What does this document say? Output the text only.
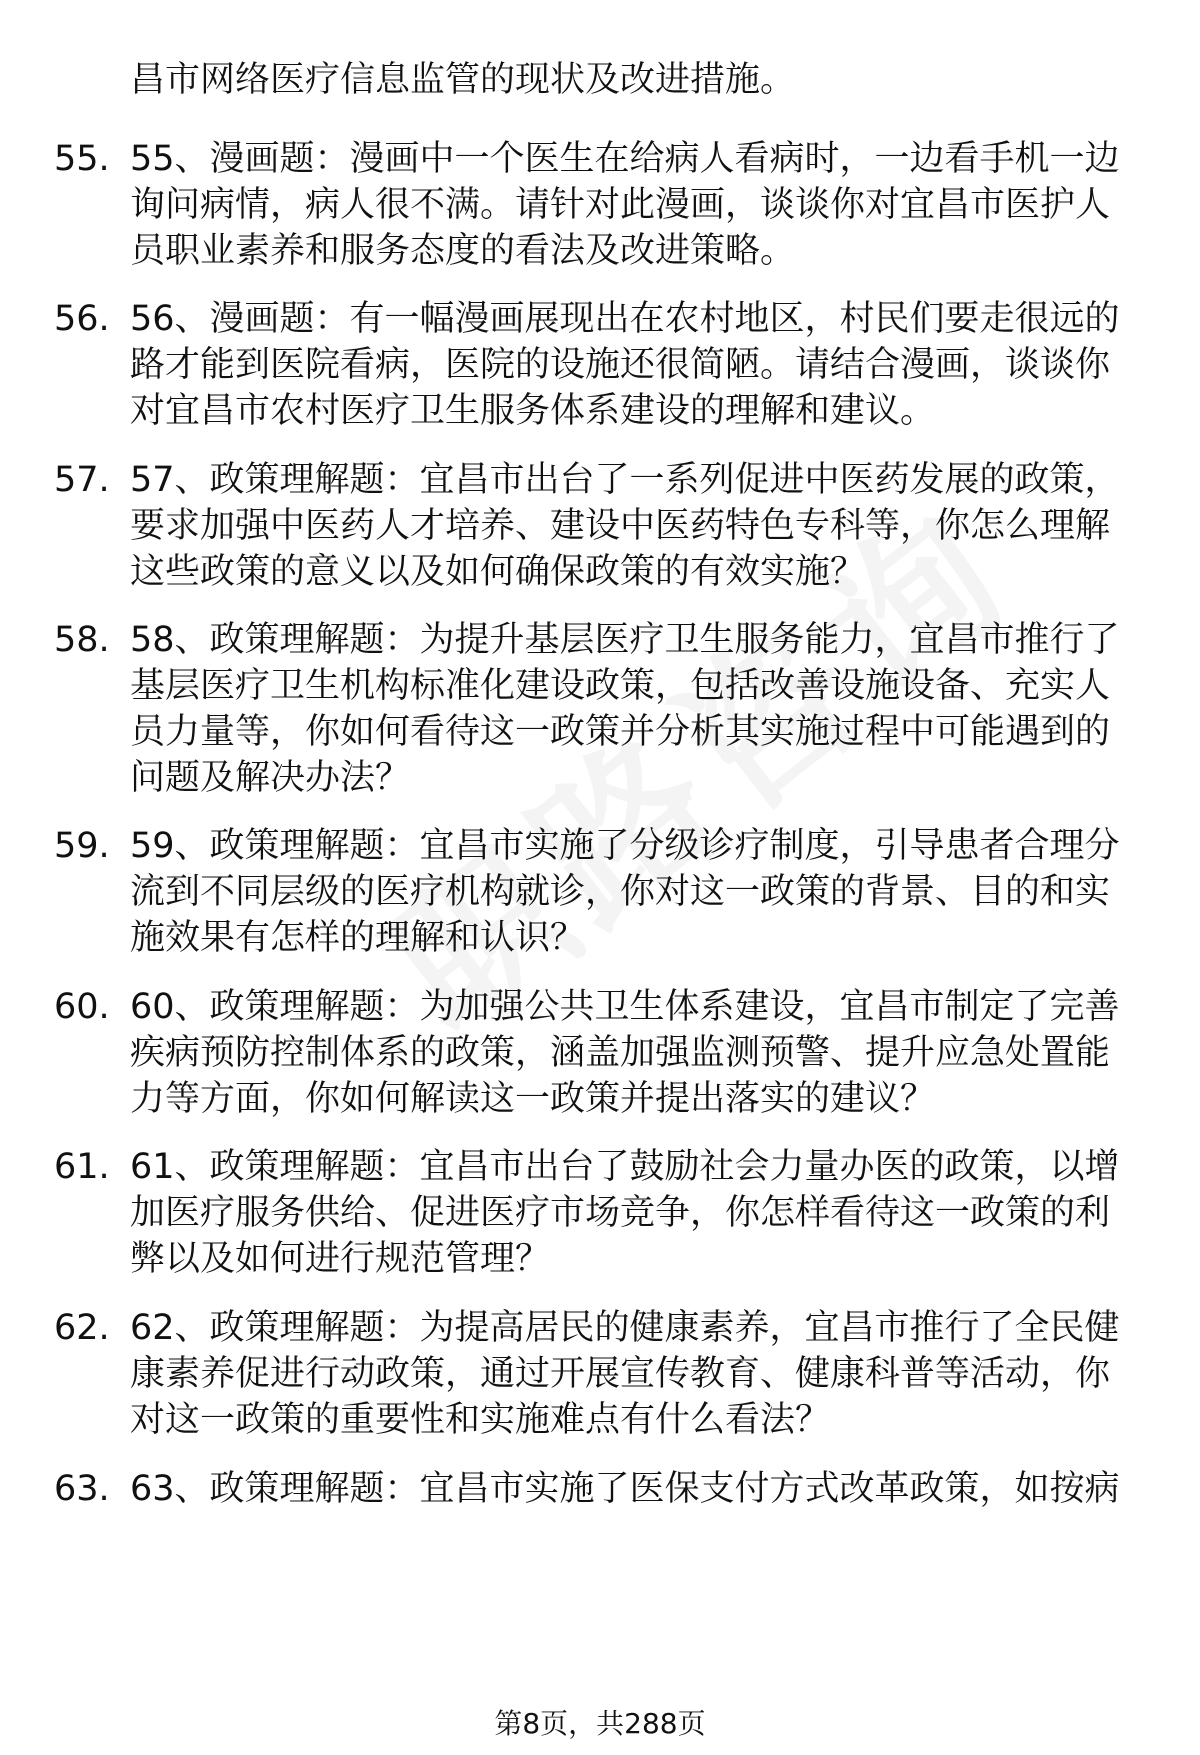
昌市网络医疗信息监管的现状及改进措施。
55. 55、漫画题：漫画中一个医生在给病人看病时，一边看手机一边
询问病情，病人很不满。请针对此漫画，谈谈你对宜昌市医护人
员职业素养和服务态度的看法及改进策略。
56. 56、漫画题：有一幅漫画展现出在农村地区，村民们要走很远的
路才能到医院看病，医院的设施还很简陋。请结合漫画，谈谈你
对宜昌市农村医疗卫生服务体系建设的理解和建议。
57. 57、政策理解题：宜昌市出台了一系列促进中医药发展的政策，
要求加强中医药人才培养、建设中医药特色专科等，你怎么理解
这些政策的意义以及如何确保政策的有效实施？
58. 58、政策理解题：为提升基层医疗卫生服务能力，宜昌市推行了
基层医疗卫生机构标准化建设政策，包括改善设施设备、充实人
员力量等，你如何看待这一政策并分析其实施过程中可能遇到的
问题及解决办法？
59. 59、政策理解题：宜昌市实施了分级诊疗制度，引导患者合理分
流到不同层级的医疗机构就诊，你对这一政策的背景、目的和实
施效果有怎样的理解和认识？
60. 60、政策理解题：为加强公共卫生体系建设，宜昌市制定了完善
疾病预防控制体系的政策，涵盖加强监测预警、提升应急处置能
力等方面，你如何解读这一政策并提出落实的建议？
61. 61、政策理解题：宜昌市出台了鼓励社会力量办医的政策，以增
加医疗服务供给、促进医疗市场竞争，你怎样看待这一政策的利
弊以及如何进行规范管理？
62. 62、政策理解题：为提高居民的健康素养，宜昌市推行了全民健
康素养促进行动政策，通过开展宣传教育、健康科普等活动，你
对这一政策的重要性和实施难点有什么看法？
63. 63、政策理解题：宜昌市实施了医保支付方式改革政策，如按病
第8页，共288页
